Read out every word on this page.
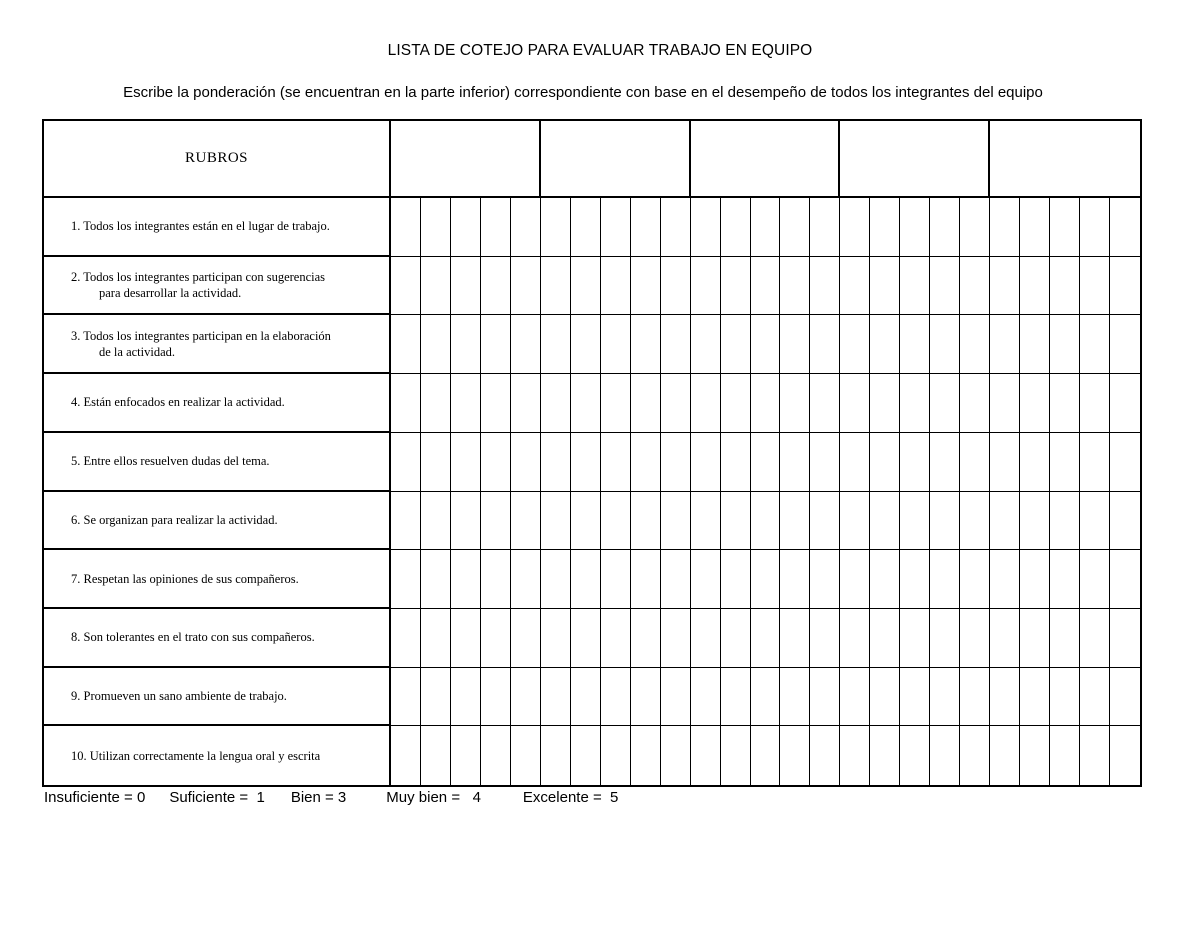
LISTA DE COTEJO PARA EVALUAR TRABAJO EN EQUIPO
Escribe la ponderación (se encuentran en la parte inferior) correspondiente con base en el desempeño de todos los integrantes del equipo
RUBROS
1. Todos los integrantes están en el lugar de trabajo.
2. Todos los integrantes participan con sugerencias
para desarrollar la actividad.
3. Todos los integrantes participan en la elaboración
de la actividad.
4. Están enfocados en realizar la actividad.
5. Entre ellos resuelven dudas del tema.
6. Se organizan para realizar la actividad.
7. Respetan las opiniones de sus compañeros.
8. Son tolerantes en el trato con sus compañeros.
9. Promueven un sano ambiente de trabajo.
10. Utilizan correctamente la lengua oral y escrita
Insuficiente = 0 Suficiente =  1 Bien = 3	Muy bien =   4	Excelente =  5
